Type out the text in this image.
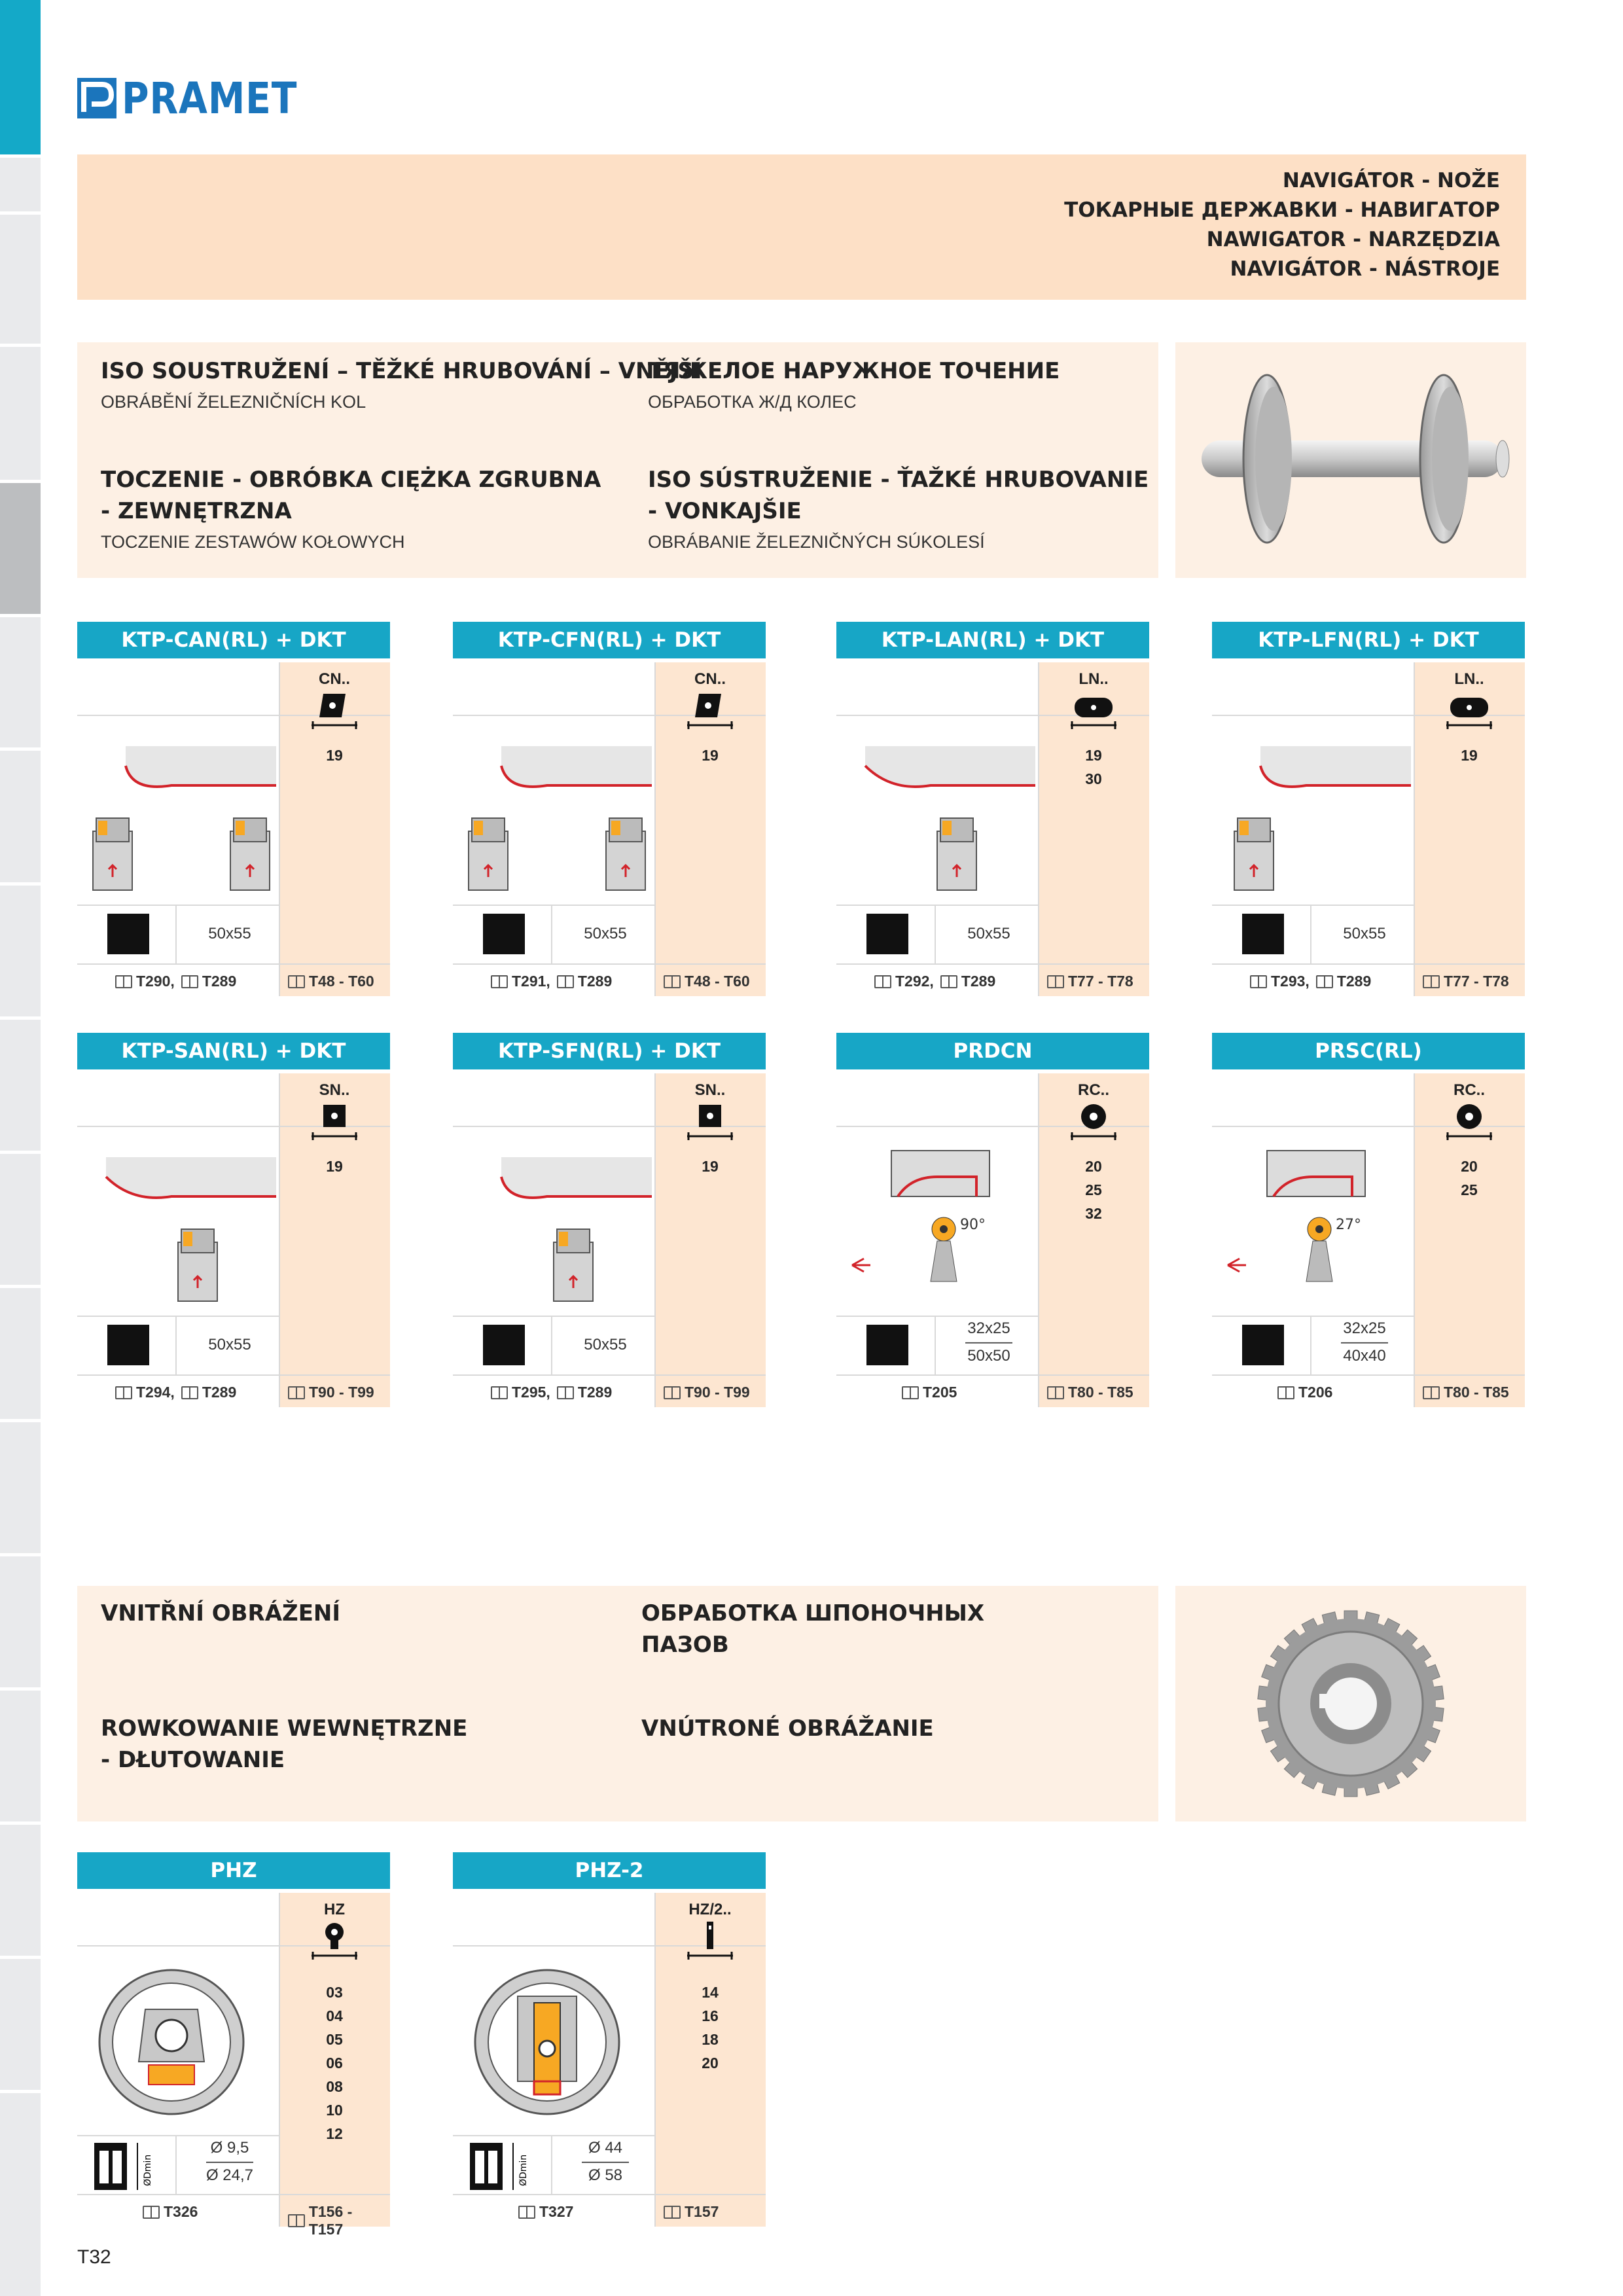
PRAMET
NAVIGÁTOR - NOŽE
ТОКАРНЫЕ ДЕРЖАВКИ - НАВИГАТОР
NAWIGATOR - NARZĘDZIA
NAVIGÁTOR - NÁSTROJE
ISO SOUSTRUŽENÍ – TĚŽKÉ HRUBOVÁNÍ – VNĚJŠÍ
OBRÁBĚNÍ ŽELEZNIČNÍCH KOL
ТЯЖЕЛОЕ НАРУЖНОЕ ТОЧЕНИЕ
ОБРАБОТКА Ж/Д КОЛЕС
TOCZENIE - OBRÓBKA CIĘŻKA ZGRUBNA
- ZEWNĘTRZNA
TOCZENIE ZESTAWÓW KOŁOWYCH
ISO SÚSTRUŽENIE - ŤAŽKÉ HRUBOVANIE
- VONKAJŠIE
OBRÁBANIE ŽELEZNIČNÝCH SÚKOLESÍ
KTP-CAN(RL) + DKT
CN..
19
50x55
T290, T289	T48 - T60
KTP-CFN(RL) + DKT
CN..
19
50x55
T291, T289	T48 - T60
KTP-LAN(RL) + DKT
LN..
19
30
50x55
T292, T289	T77 - T78
KTP-LFN(RL) + DKT
LN..
19
50x55
T293, T289	T77 - T78
KTP-SAN(RL) + DKT
SN..
19
50x55
T294, T289	T90 - T99
KTP-SFN(RL) + DKT
SN..
19
50x55
T295, T289	T90 - T99
PRDCN
RC..
20
25
32
90°
32x25
———
50x50
T205	T80 - T85
PRSC(RL)
RC..
20
25
27°
32x25
———
40x40
T206	T80 - T85
PHZ
HZ
03
04
05
06
08
10
12
ØDmin
Ø 9,5
———
Ø 24,7
T326	T156 - T157
PHZ-2
HZ/2..
14
16
18
20
ØDmin
Ø 44
———
Ø 58
T327	T157
VNITŘNÍ OBRÁŽENÍ	ОБРАБОТКА ШПОНОЧНЫХ
ПАЗОВ
ROWKOWANIE WEWNĘTRZNE
- DŁUTOWANIE
VNÚTRONÉ OBRÁŽANIE
T32
